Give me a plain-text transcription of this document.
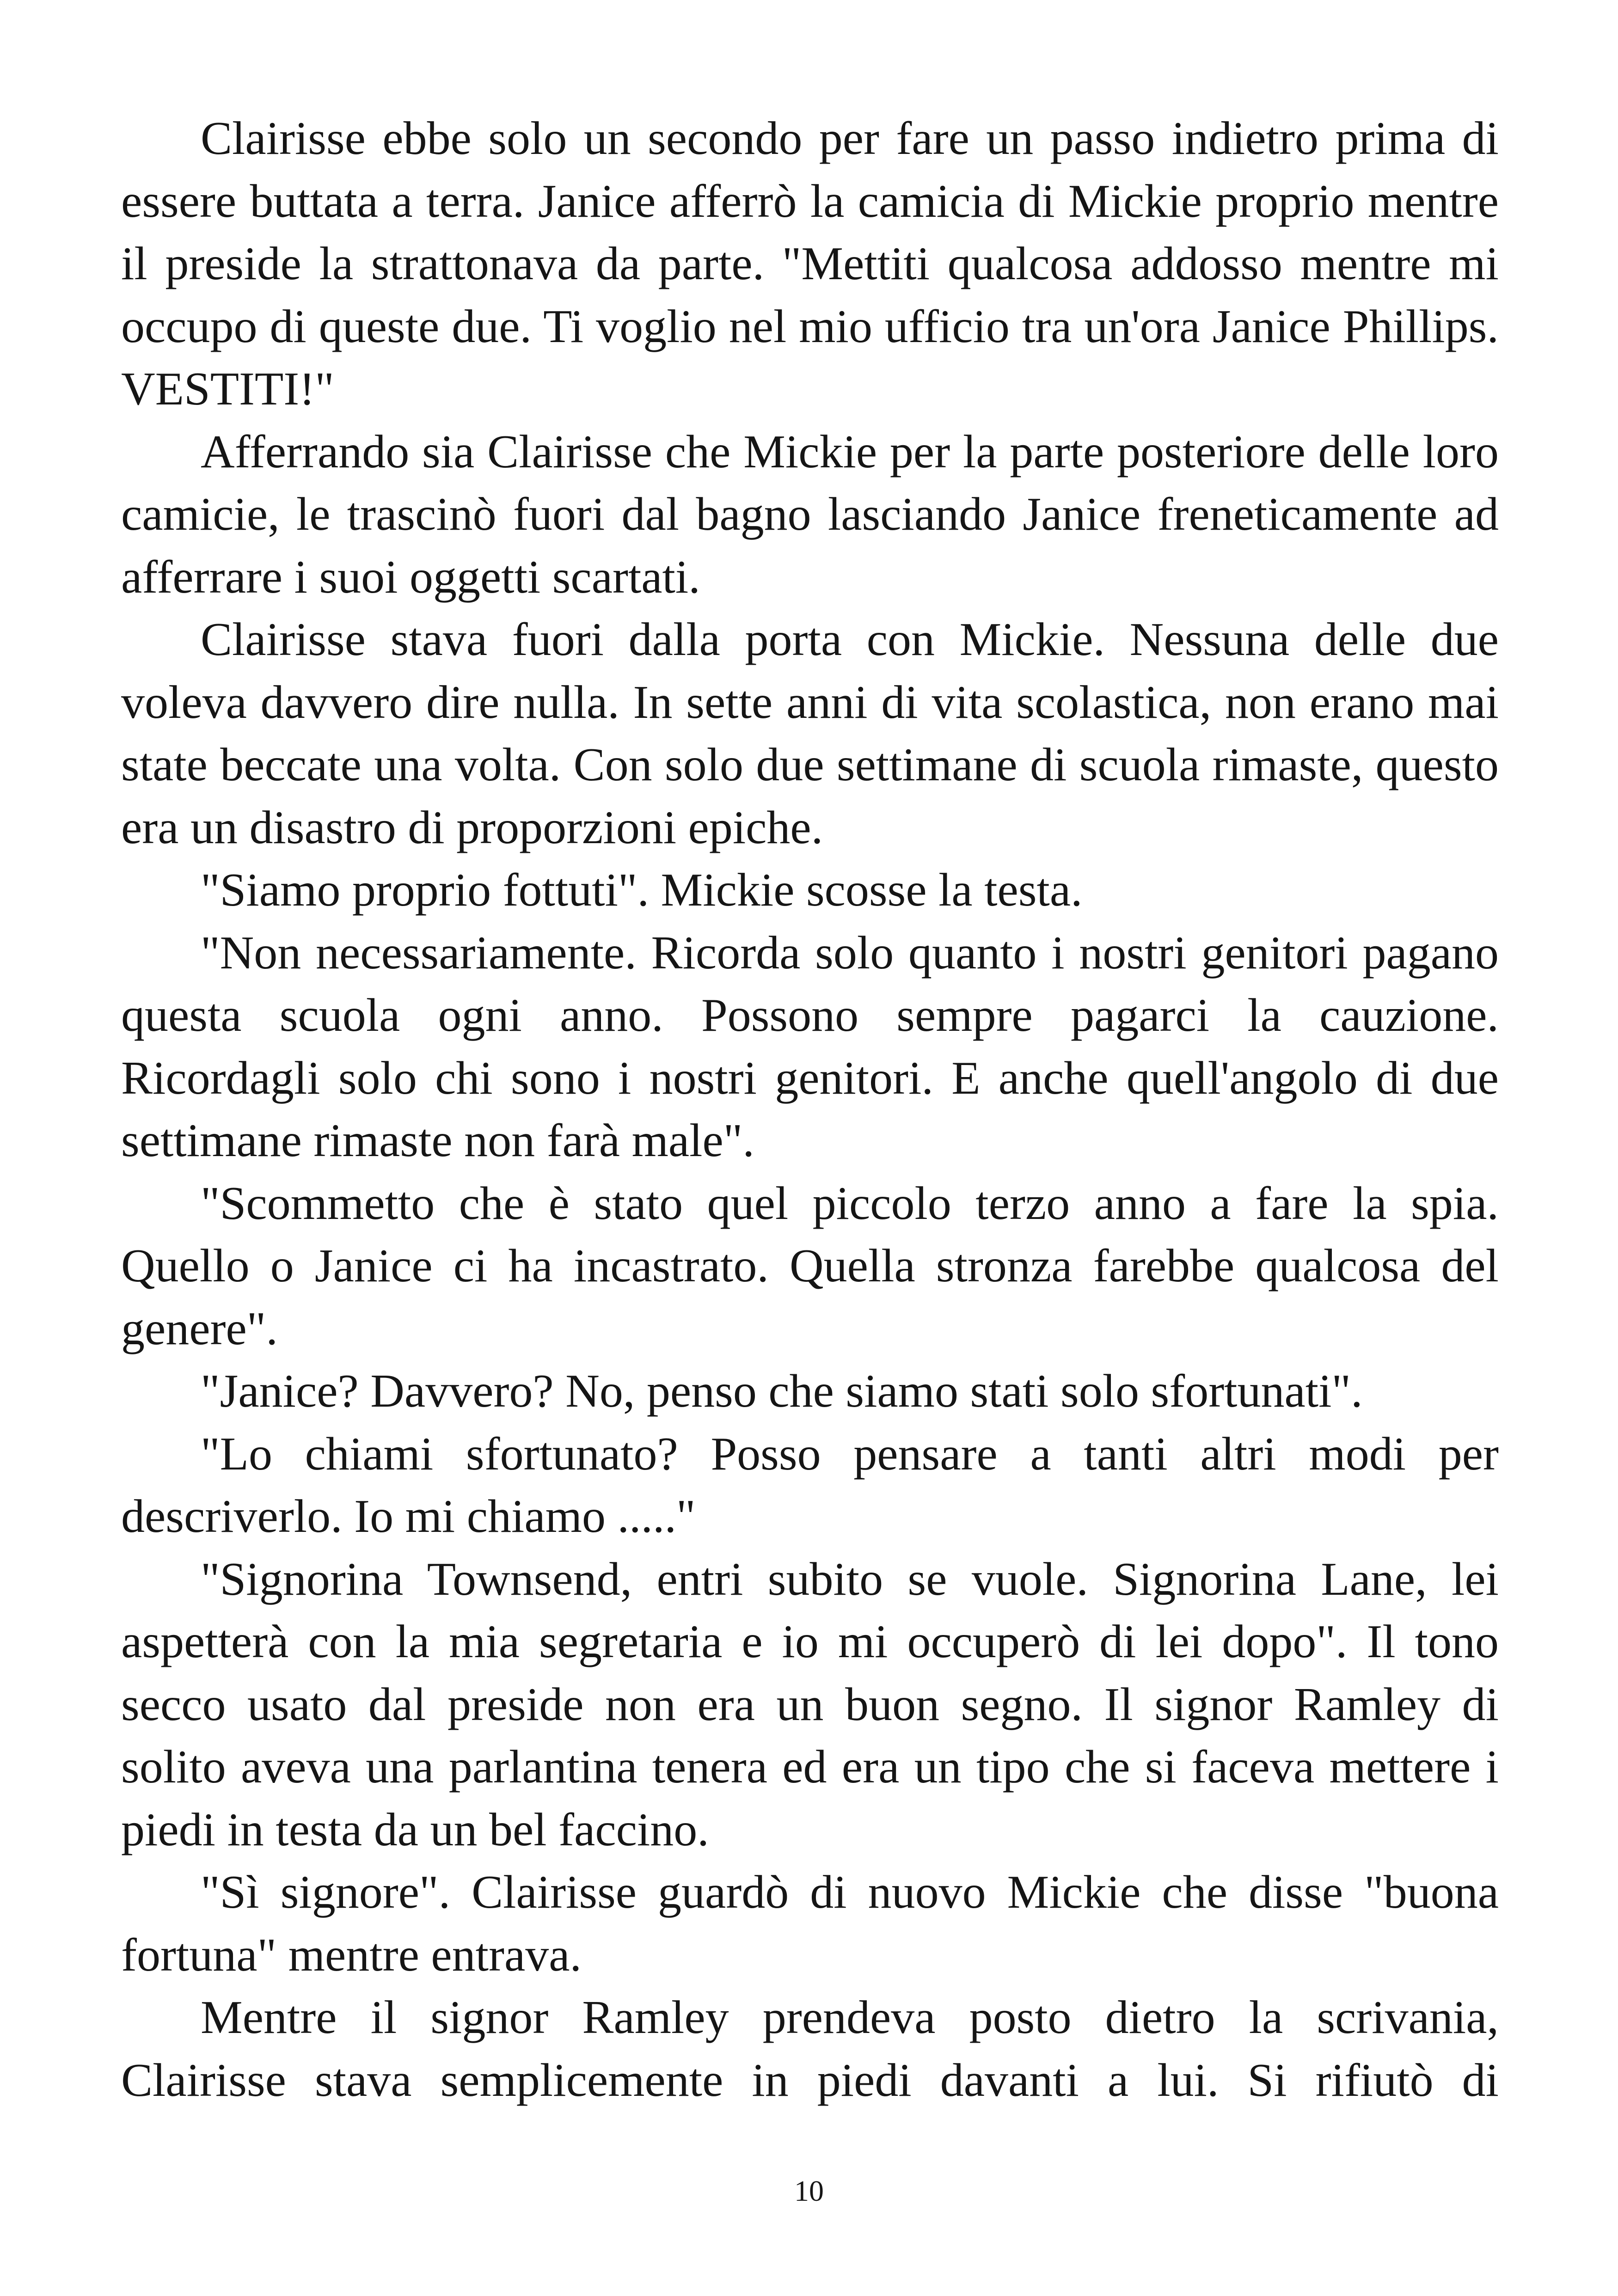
Clairisse ebbe solo un secondo per fare un passo indietro prima di essere buttata a terra. Janice afferrò la camicia di Mickie proprio mentre il preside la strattonava da parte. "Mettiti qualcosa addosso mentre mi occupo di queste due. Ti voglio nel mio ufficio tra un'ora Janice Phillips. VESTITI!"

Afferrando sia Clairisse che Mickie per la parte posteriore delle loro camicie, le trascinò fuori dal bagno lasciando Janice freneticamente ad afferrare i suoi oggetti scartati.

Clairisse stava fuori dalla porta con Mickie. Nessuna delle due voleva davvero dire nulla. In sette anni di vita scolastica, non erano mai state beccate una volta. Con solo due settimane di scuola rimaste, questo era un disastro di proporzioni epiche.

"Siamo proprio fottuti". Mickie scosse la testa.

"Non necessariamente. Ricorda solo quanto i nostri genitori pagano questa scuola ogni anno. Possono sempre pagarci la cauzione. Ricordagli solo chi sono i nostri genitori. E anche quell'angolo di due settimane rimaste non farà male".

"Scommetto che è stato quel piccolo terzo anno a fare la spia. Quello o Janice ci ha incastrato. Quella stronza farebbe qualcosa del genere".

"Janice? Davvero? No, penso che siamo stati solo sfortunati".

"Lo chiami sfortunato? Posso pensare a tanti altri modi per descriverlo. Io mi chiamo ....."

"Signorina Townsend, entri subito se vuole. Signorina Lane, lei aspetterà con la mia segretaria e io mi occuperò di lei dopo". Il tono secco usato dal preside non era un buon segno. Il signor Ramley di solito aveva una parlantina tenera ed era un tipo che si faceva mettere i piedi in testa da un bel faccino.

"Sì signore". Clairisse guardò di nuovo Mickie che disse "buona fortuna" mentre entrava.

Mentre il signor Ramley prendeva posto dietro la scrivania, Clairisse stava semplicemente in piedi davanti a lui. Si rifiutò di

10
